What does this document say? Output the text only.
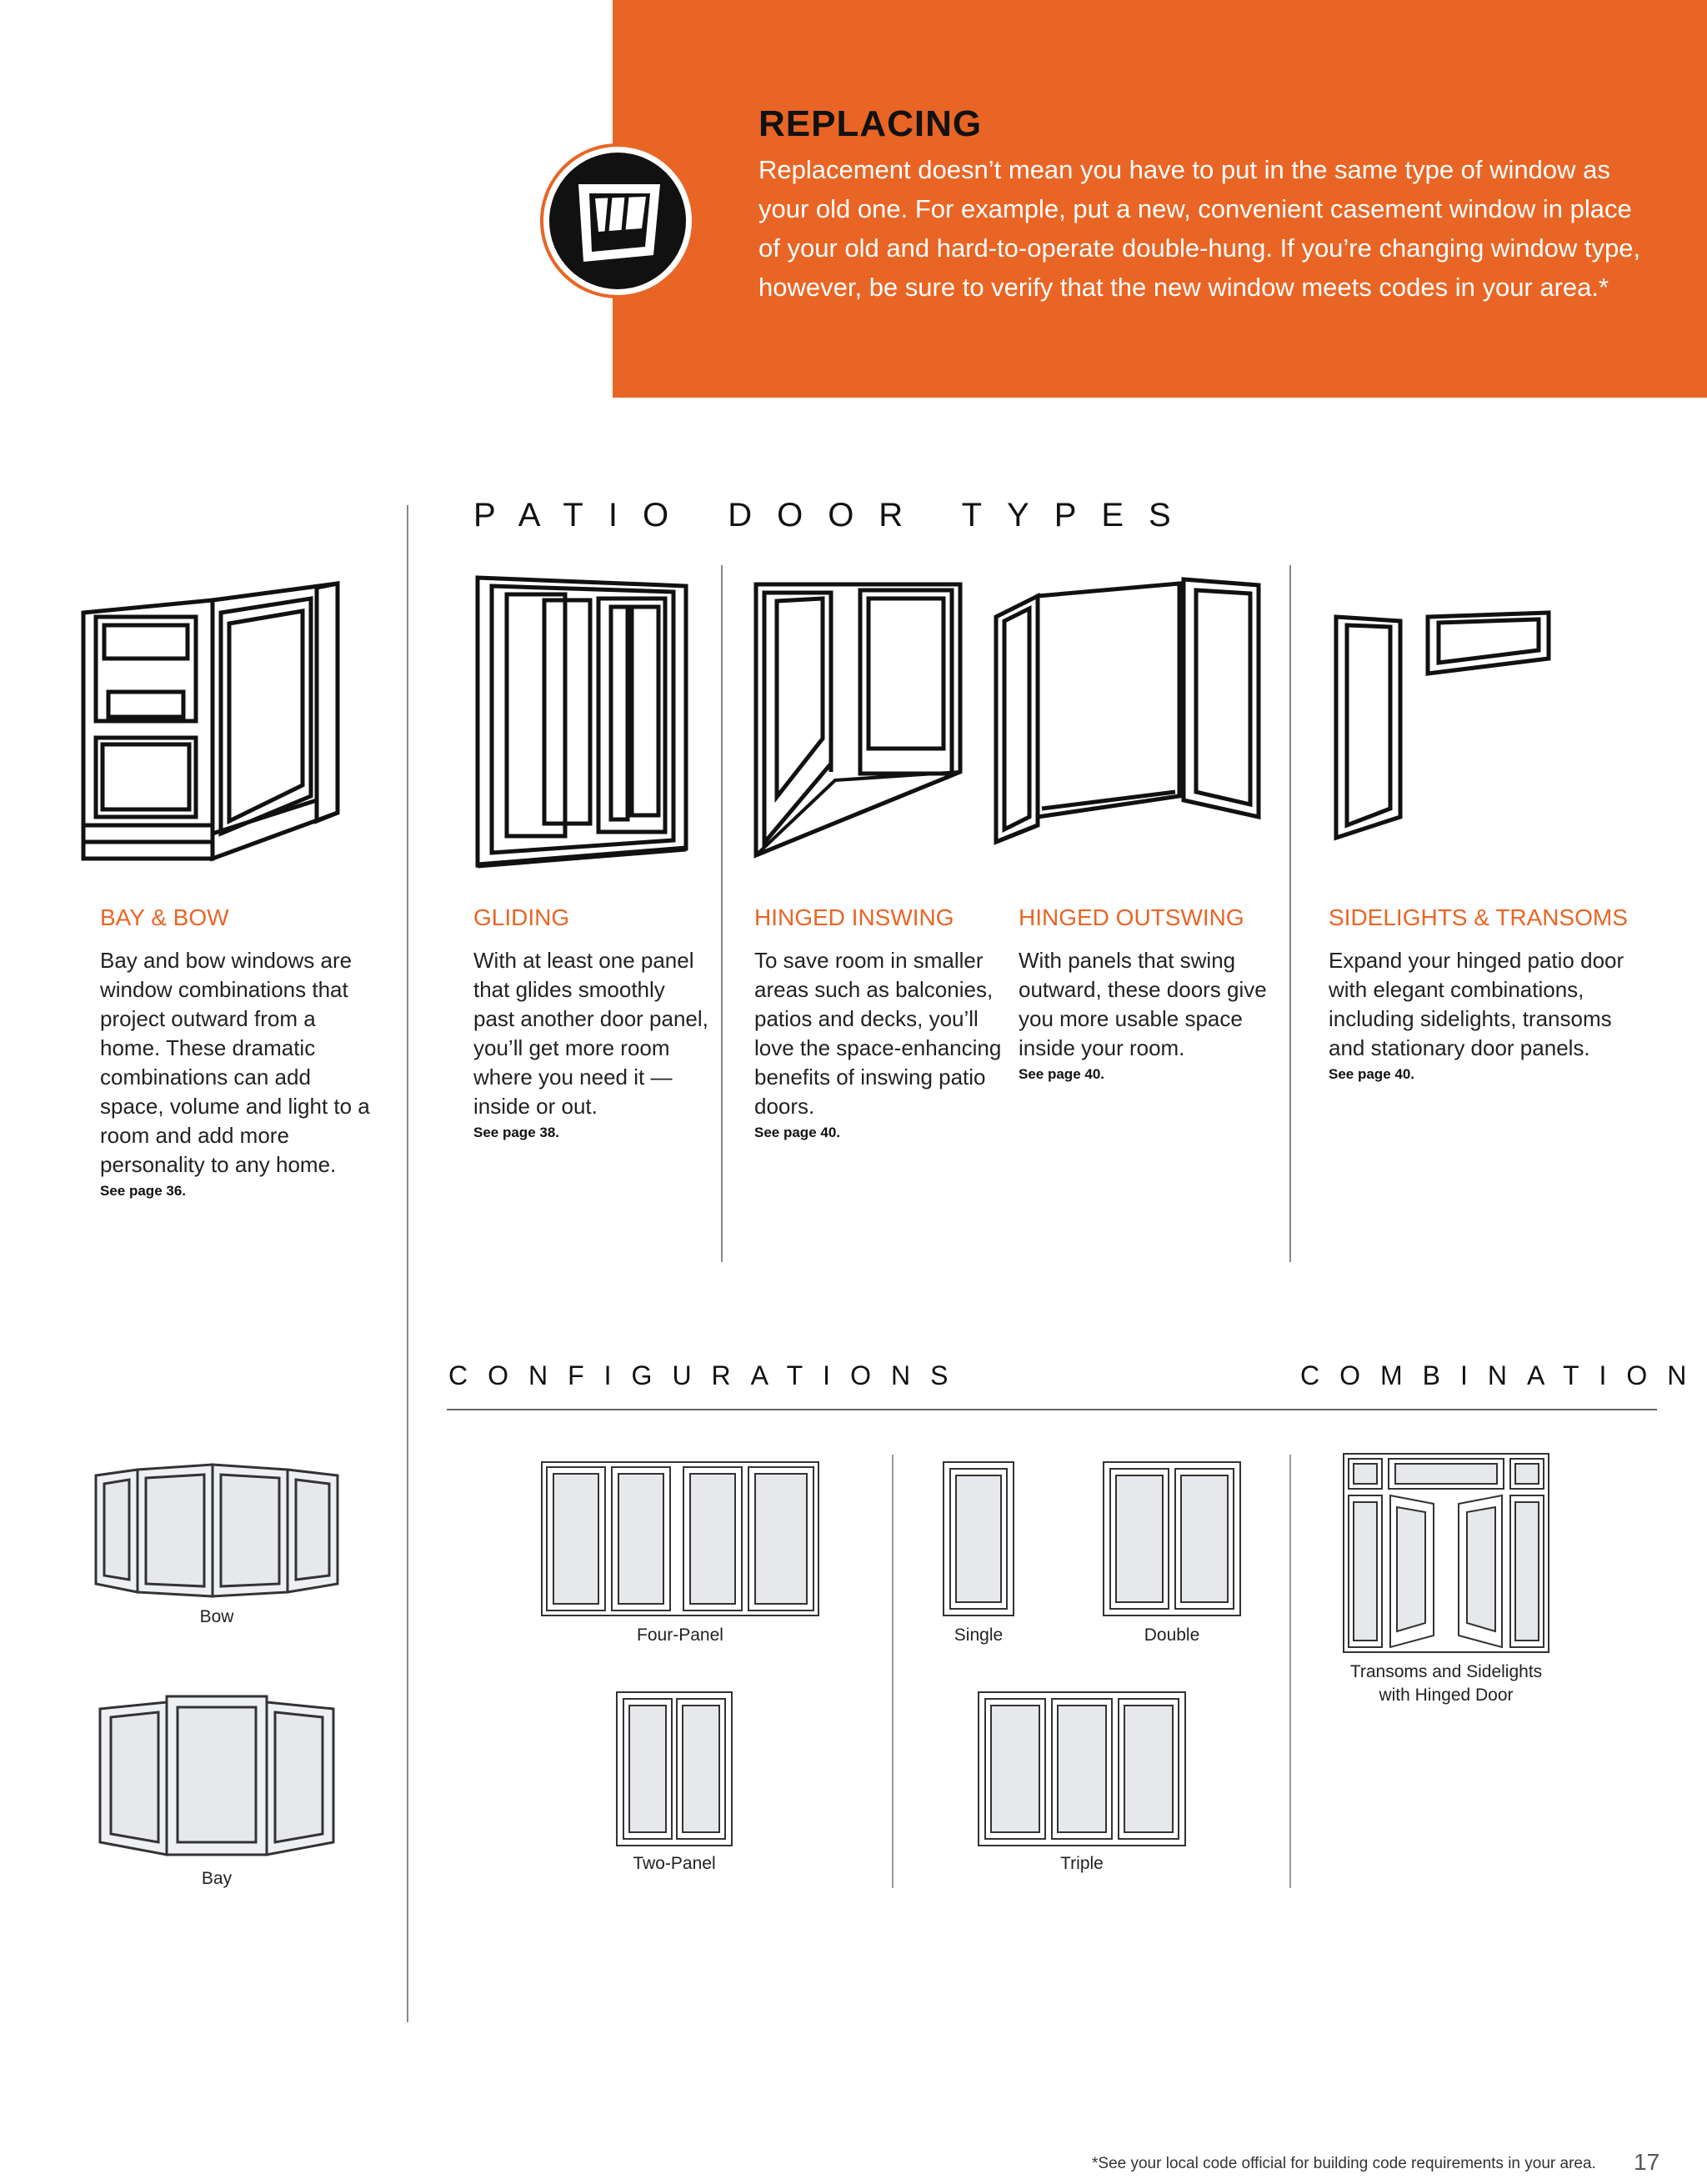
REPLACING
Replacement doesn’t mean you have to put in the same type of window as your old one. For example, put a new, convenient casement window in place of your old and hard-to-operate double-hung. If you’re changing window type, however, be sure to verify that the new window meets codes in your area.*
PATIO DOOR TYPES
BAY & BOW
Bay and bow windows are window combinations that project outward from a home. These dramatic combinations can add space, volume and light to a room and add more personality to any home.
See page 36.
GLIDING
With at least one panel that glides smoothly past another door panel, you’ll get more room where you need it — inside or out.
See page 38.
HINGED INSWING
To save room in smaller areas such as balconies, patios and decks, you’ll love the space-enhancing benefits of inswing patio doors.
See page 40.
HINGED OUTSWING
With panels that swing outward, these doors give you more usable space inside your room.
See page 40.
SIDELIGHTS & TRANSOMS
Expand your hinged patio door with elegant combinations, including sidelights, transoms and stationary door panels.
See page 40.
CONFIGURATIONS	COMBINATION
Bow
Bay
Four-Panel
Two-Panel
Single	Double
Triple
Transoms and Sidelights
with Hinged Door
*See your local code official for building code requirements in your area. 17
